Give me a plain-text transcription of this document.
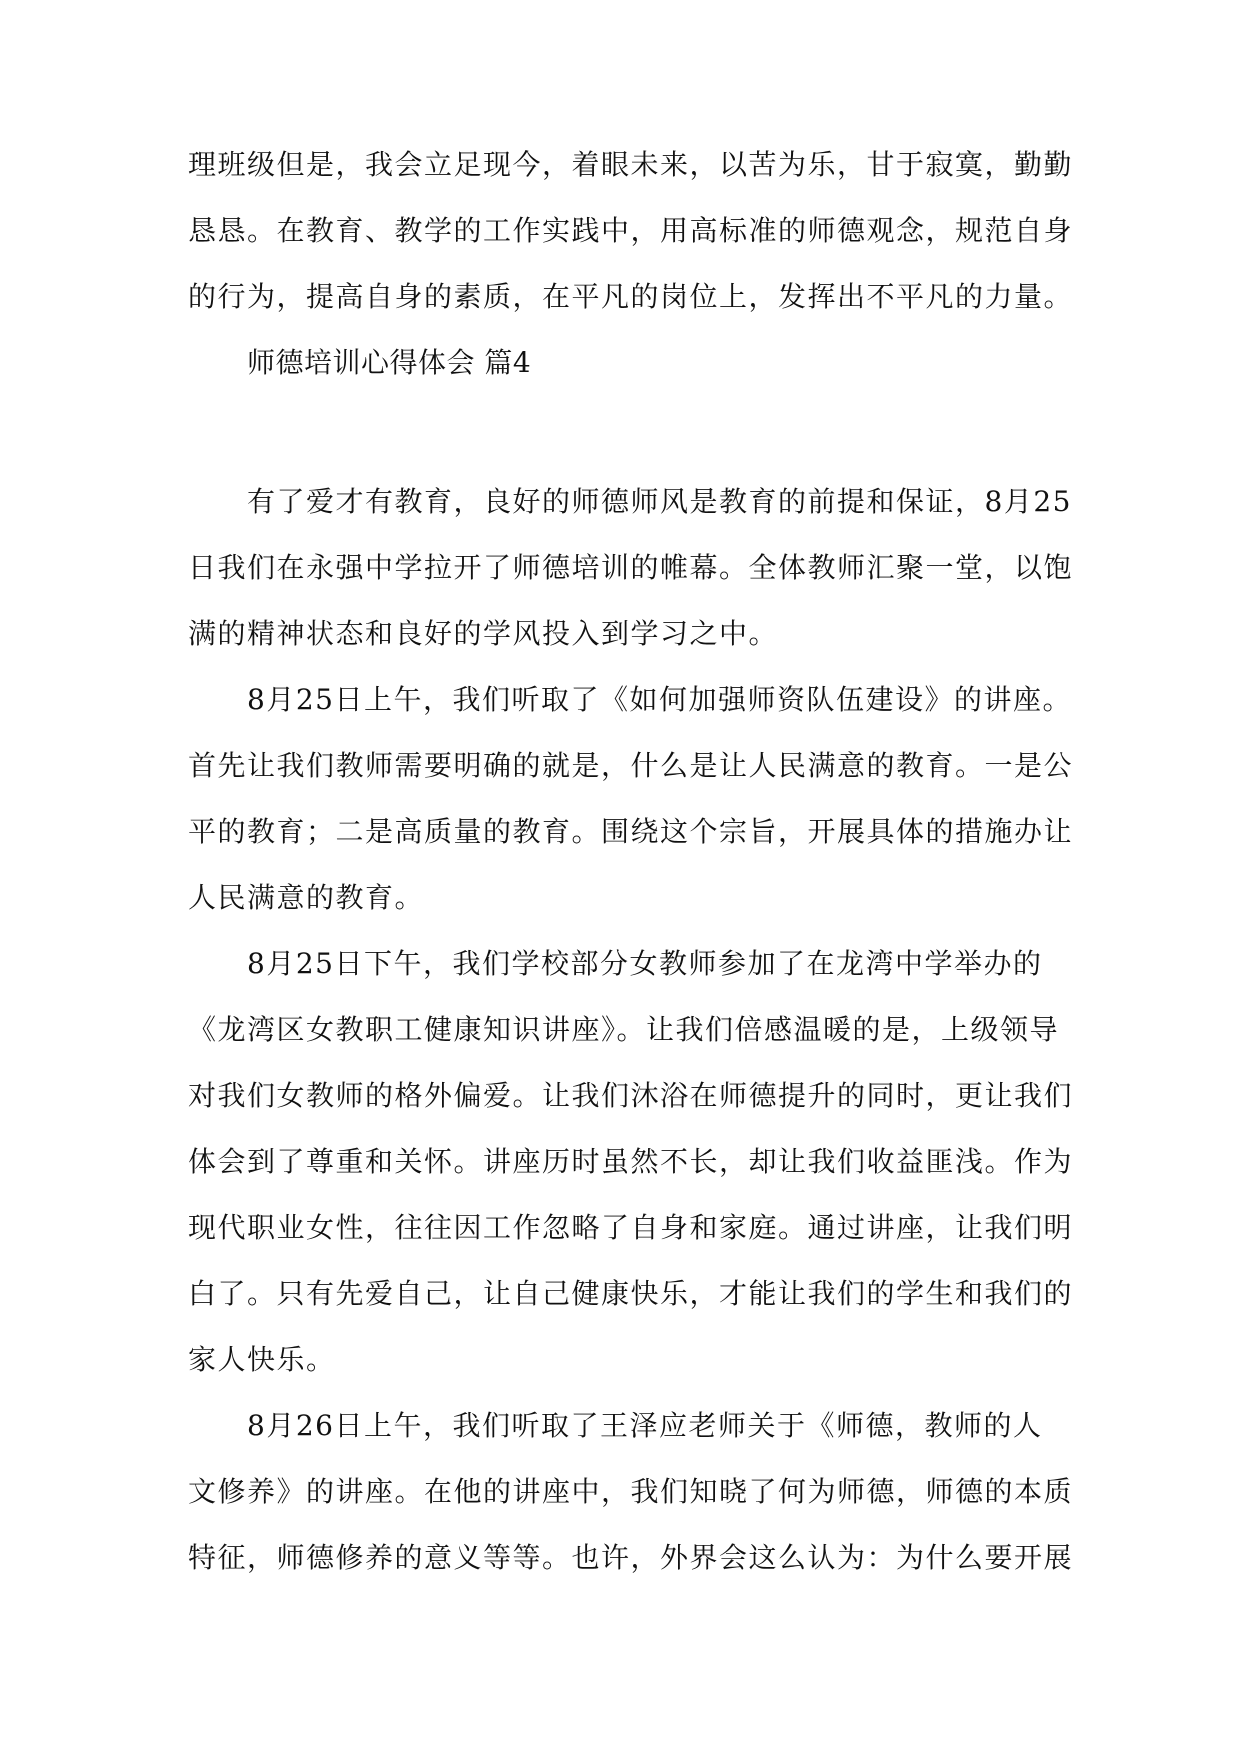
理班级但是，我会立足现今，着眼未来，以苦为乐，甘于寂寞，勤勤
恳恳。在教育、教学的工作实践中，用高标准的师德观念，规范自身
的行为，提高自身的素质，在平凡的岗位上，发挥出不平凡的力量。
师德培训心得体会 篇4
有了爱才有教育，良好的师德师风是教育的前提和保证，8月25
日我们在永强中学拉开了师德培训的帷幕。全体教师汇聚一堂，以饱
满的精神状态和良好的学风投入到学习之中。
8月25日上午，我们听取了《如何加强师资队伍建设》的讲座。
首先让我们教师需要明确的就是，什么是让人民满意的教育。一是公
平的教育；二是高质量的教育。围绕这个宗旨，开展具体的措施办让
人民满意的教育。
8月25日下午，我们学校部分女教师参加了在龙湾中学举办的
《龙湾区女教职工健康知识讲座》。让我们倍感温暖的是，上级领导
对我们女教师的格外偏爱。让我们沐浴在师德提升的同时，更让我们
体会到了尊重和关怀。讲座历时虽然不长，却让我们收益匪浅。作为
现代职业女性，往往因工作忽略了自身和家庭。通过讲座，让我们明
白了。只有先爱自己，让自己健康快乐，才能让我们的学生和我们的
家人快乐。
8月26日上午，我们听取了王泽应老师关于《师德，教师的人
文修养》的讲座。在他的讲座中，我们知晓了何为师德，师德的本质
特征，师德修养的意义等等。也许，外界会这么认为：为什么要开展
